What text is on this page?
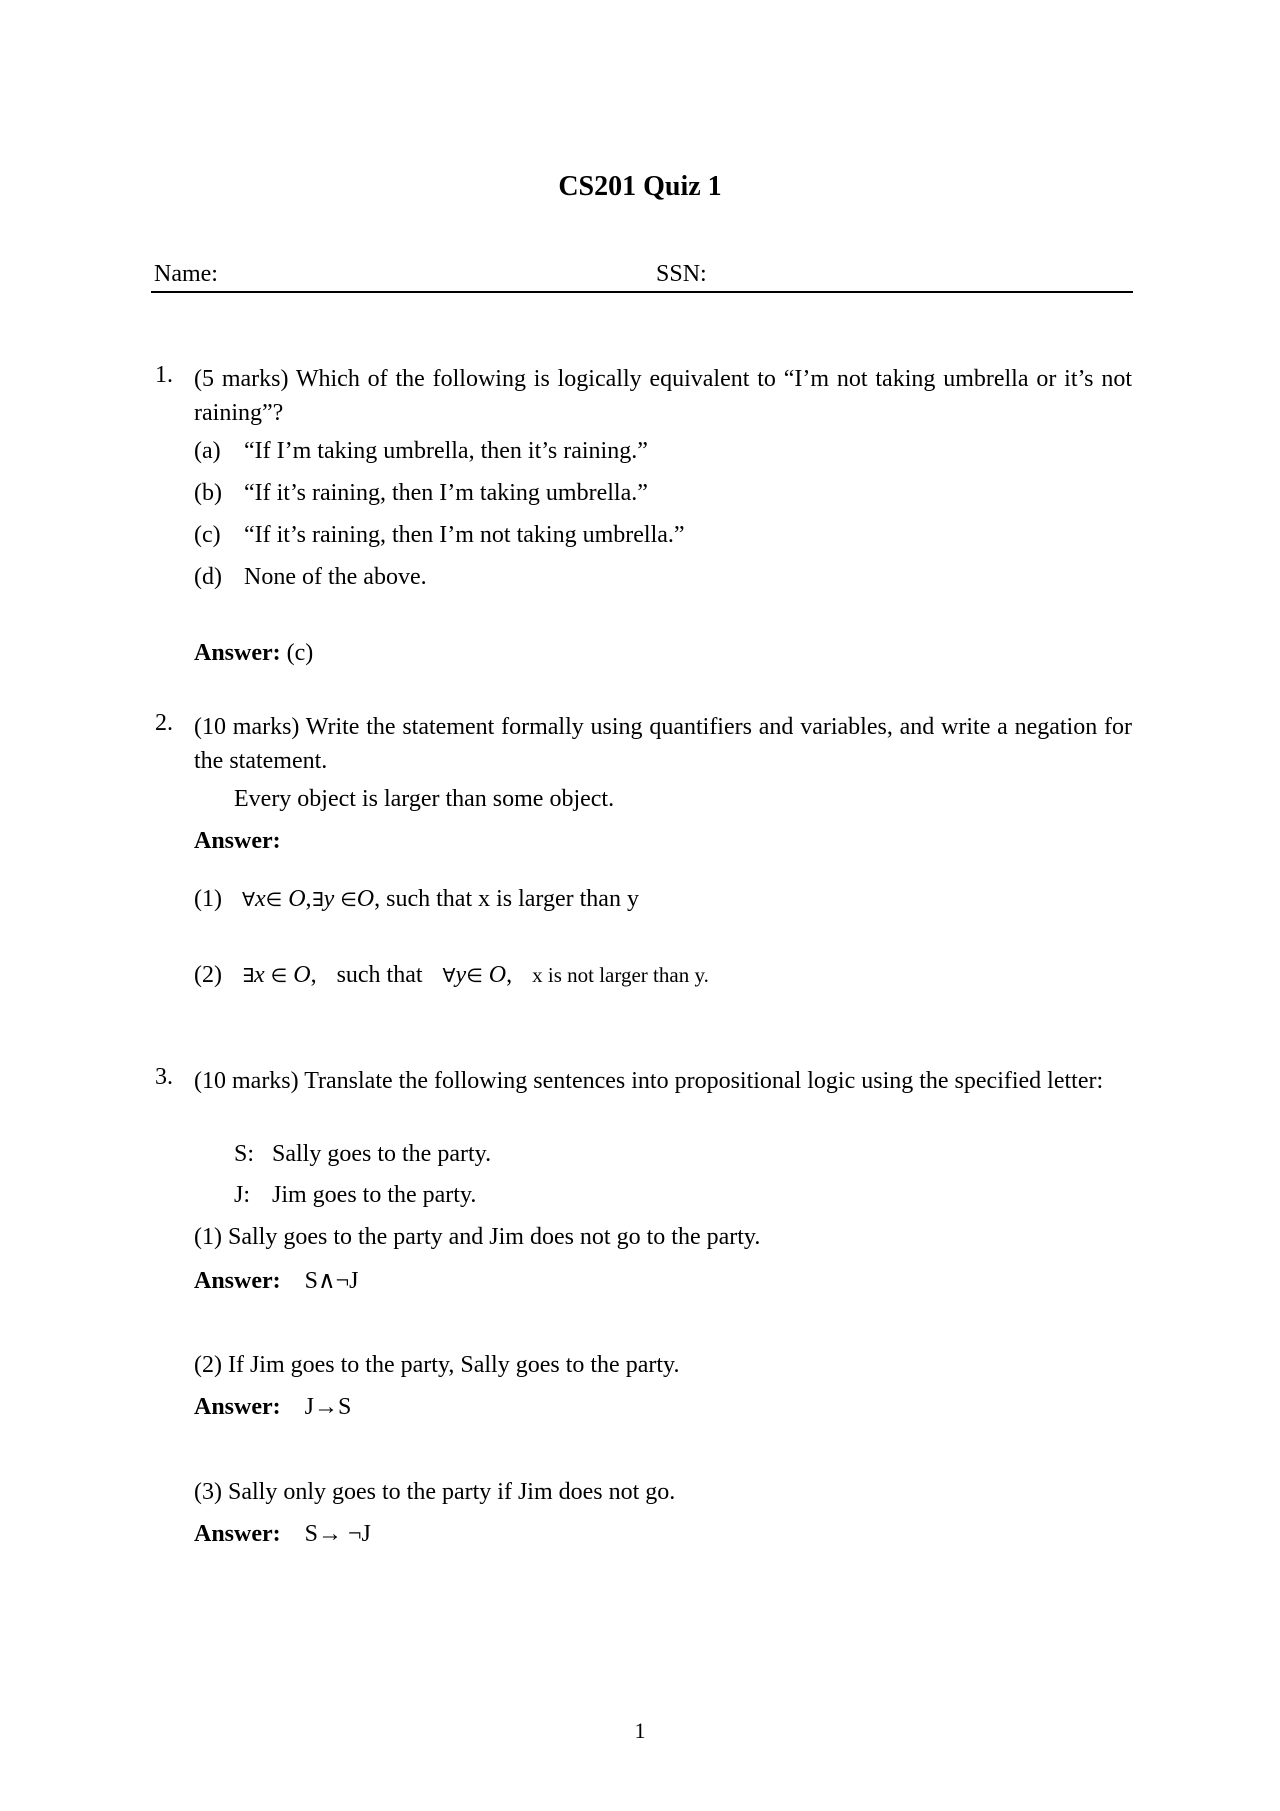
CS201 Quiz 1
Name:	SSN:
1. (5 marks) Which of the following is logically equivalent to “I’m not taking umbrella or it’s not raining”?
(a) “If I’m taking umbrella, then it’s raining.”
(b) “If it’s raining, then I’m taking umbrella.”
(c) “If it’s raining, then I’m not taking umbrella.”
(d) None of the above.
Answer: (c)
2. (10 marks) Write the statement formally using quantifiers and variables, and write a negation for the statement.
Every object is larger than some object.
Answer:
(1) ∀x∈ O,∃y ∈O, such that x is larger than y
(2) ∃x ∈ O, such that ∀y∈ O, x is not larger than y.
3. (10 marks) Translate the following sentences into propositional logic using the specified letter:
S: Sally goes to the party.
J: Jim goes to the party.
(1) Sally goes to the party and Jim does not go to the party.
Answer: S∧¬J
(2) If Jim goes to the party, Sally goes to the party.
Answer: J→S
(3) Sally only goes to the party if Jim does not go.
Answer: S→ ¬J
1
